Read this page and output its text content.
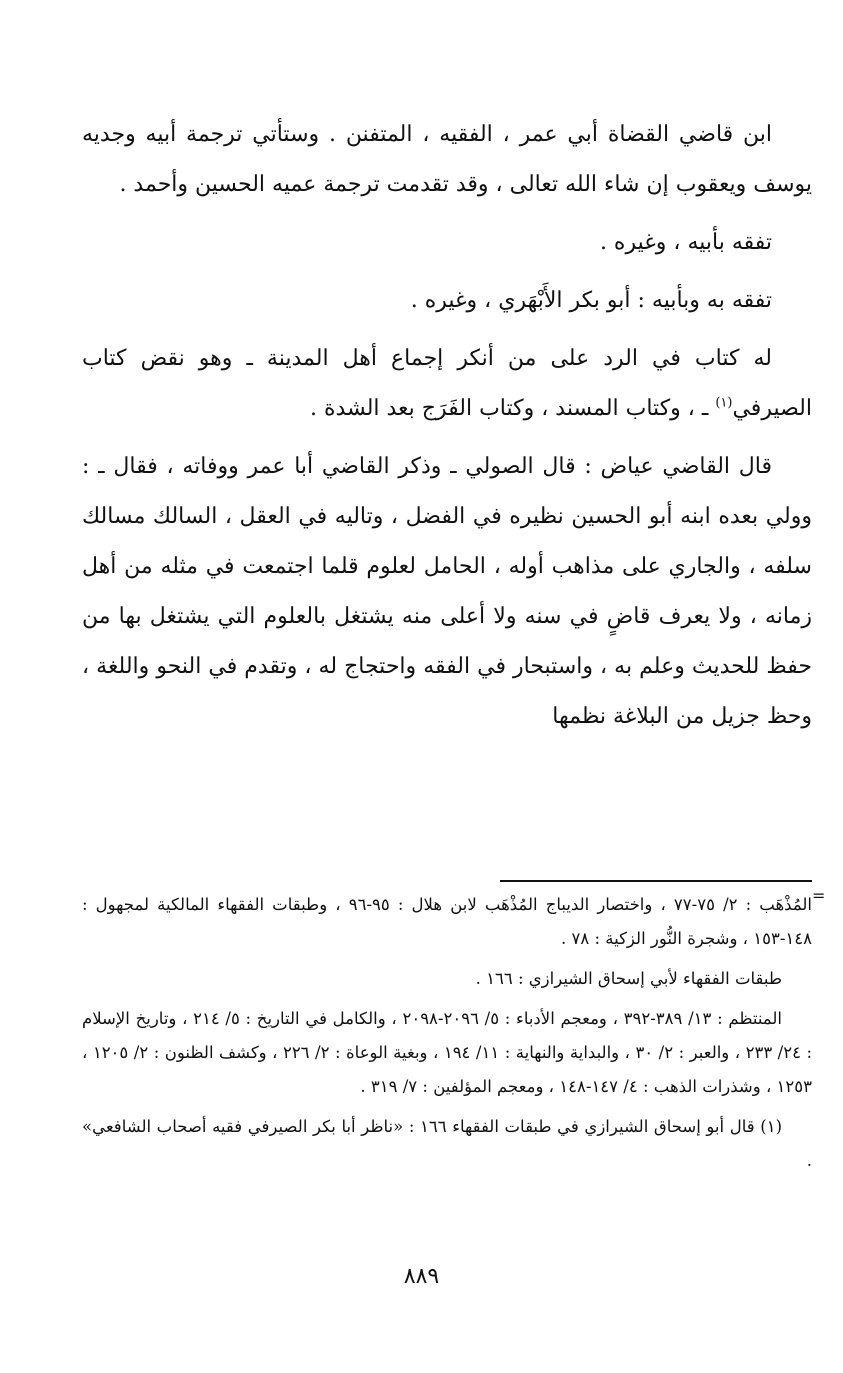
ابن قاضي القضاة أبي عمر ، الفقيه ، المتفنن . وستأتي ترجمة أبيه وجديه يوسف ويعقوب إن شاء الله تعالى ، وقد تقدمت ترجمة عميه الحسين وأحمد .

تفقه بأبيه ، وغيره .

تفقه به وبأبيه : أبو بكر الأَبْهَري ، وغيره .

له كتاب في الرد على من أنكر إجماع أهل المدينة ـ وهو نقض كتاب الصيرفي$^{(١)}$ ـ ، وكتاب المسند ، وكتاب الفَرَج بعد الشدة .

قال القاضي عياض : قال الصولي ـ وذكر القاضي أبا عمر ووفاته ، فقال ـ : وولي بعده ابنه أبو الحسين نظيره في الفضل ، وتاليه في العقل ، السالك مسالك سلفه ، والجاري على مذاهب أوله ، الحامل لعلوم قلما اجتمعت في مثله من أهل زمانه ، ولا يعرف قاضٍ في سنه ولا أعلى منه يشتغل بالعلوم التي يشتغل بها من حفظ للحديث وعلم به ، واستبحار في الفقه واحتجاج له ، وتقدم في النحو واللغة ، وحظ جزيل من البلاغة نظمها

=

المُذْهَب : ٢/ ٧٥-٧٧ ، واختصار الديباج المُذْهَب لابن هلال : ٩٥-٩٦ ، وطبقات الفقهاء المالكية لمجهول : ١٤٨-١٥٣ ، وشجرة النُّور الزكية : ٧٨ .

طبقات الفقهاء لأبي إسحاق الشيرازي : ١٦٦ .

المنتظم : ١٣/ ٣٨٩-٣٩٢ ، ومعجم الأدباء : ٥/ ٢٠٩٦-٢٠٩٨ ، والكامل في التاريخ : ٥/ ٢١٤ ، وتاريخ الإسلام : ٢٤/ ٢٣٣ ، والعبر : ٢/ ٣٠ ، والبداية والنهاية : ١١/ ١٩٤ ، وبغية الوعاة : ٢/ ٢٢٦ ، وكشف الظنون : ٢/ ١٢٠٥ ، ١٢٥٣ ، وشذرات الذهب : ٤/ ١٤٧-١٤٨ ، ومعجم المؤلفين : ٧/ ٣١٩ .

(١) قال أبو إسحاق الشيرازي في طبقات الفقهاء ١٦٦ : «ناظر أبا بكر الصيرفي فقيه أصحاب الشافعي» .

٨٨٩
